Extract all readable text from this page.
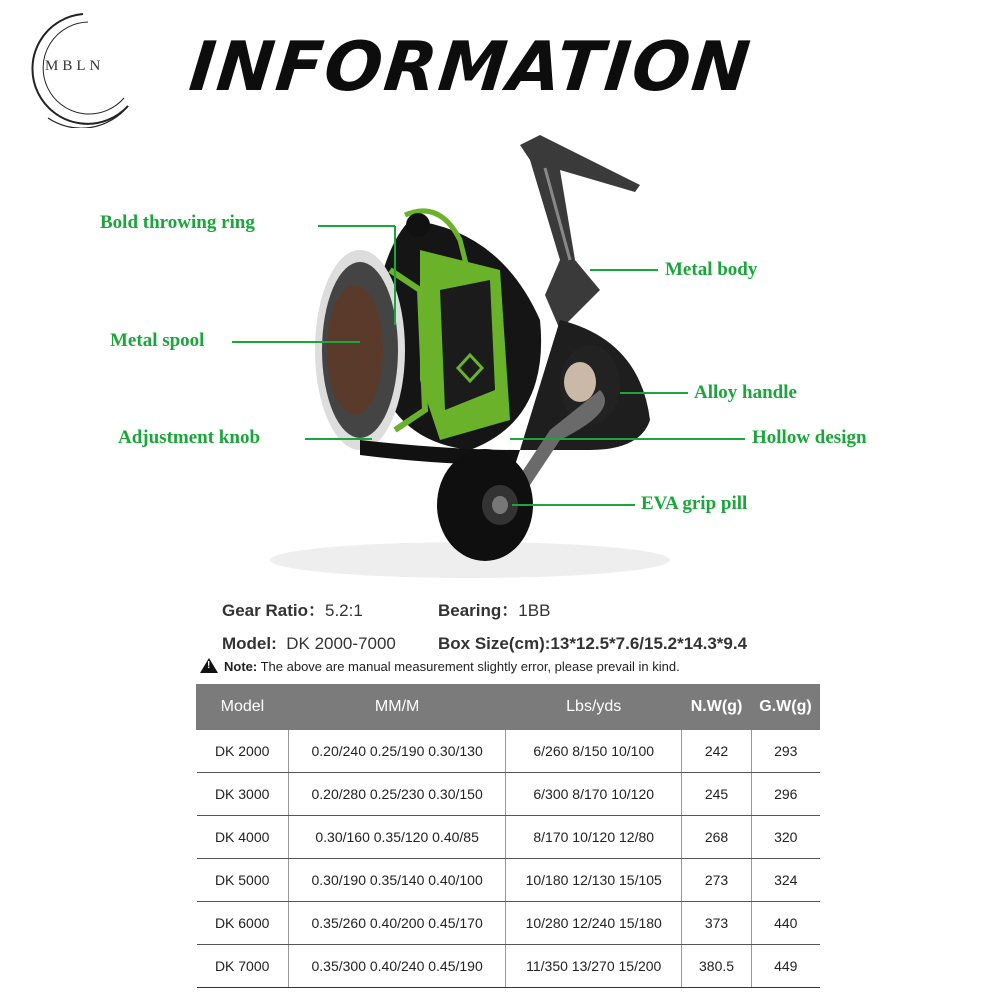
MBLN INFORMATION
Bold throwing ring
Metal spool
Adjustment knob
Metal body
Alloy handle
Hollow design
EVA grip pill
Gear Ratio：5.2:1	Bearing：1BB
Model: DK 2000-7000 Box Size(cm):13*12.5*7.6/15.2*14.3*9.4
!Note: The above are manual measurement slightly error, please prevail in kind.
Model	MM/M	Lbs/yds	N.W(g)	G.W(g)
DK 2000	0.20/240 0.25/190 0.30/130	6/260 8/150 10/100	242	293
DK 3000	0.20/280 0.25/230 0.30/150	6/300 8/170 10/120	245	296
DK 4000	0.30/160 0.35/120 0.40/85	8/170 10/120 12/80	268	320
DK 5000	0.30/190 0.35/140 0.40/100	10/180 12/130 15/105	273	324
DK 6000	0.35/260 0.40/200 0.45/170	10/280 12/240 15/180	373	440
DK 7000	0.35/300 0.40/240 0.45/190	11/350 13/270 15/200	380.5	449
